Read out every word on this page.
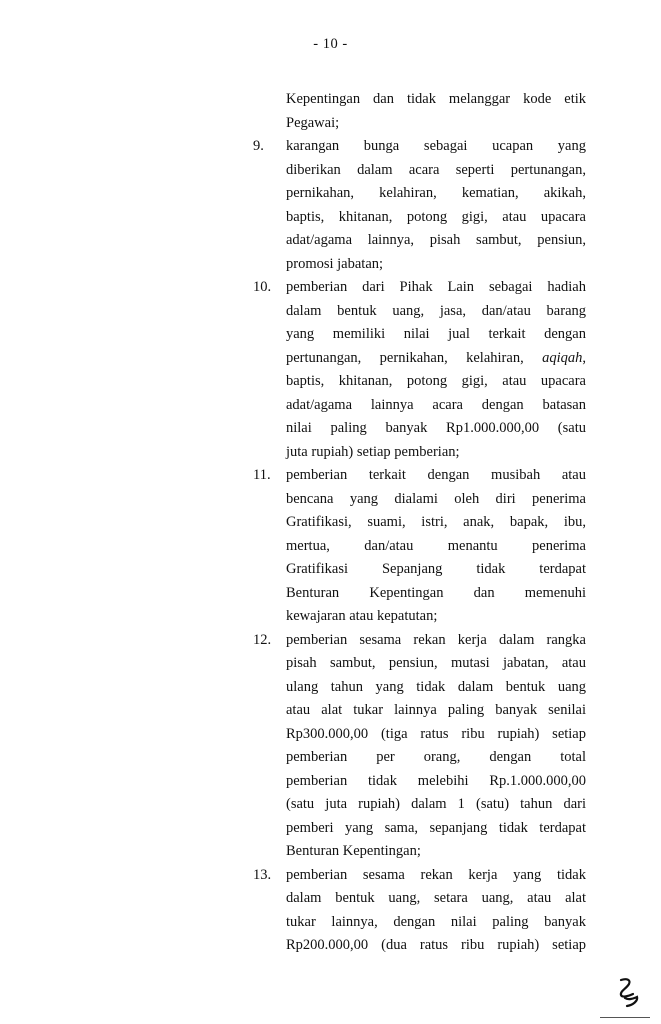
- 10 -
Kepentingan dan tidak melanggar kode etik
Pegawai;
9.	karangan bunga sebagai ucapan yang
diberikan dalam acara seperti pertunangan,
pernikahan, kelahiran, kematian, akikah,
baptis, khitanan, potong gigi, atau upacara
adat/agama lainnya, pisah sambut, pensiun,
promosi jabatan;
10.	pemberian dari Pihak Lain sebagai hadiah
dalam bentuk uang, jasa, dan/atau barang
yang memiliki nilai jual terkait dengan
pertunangan, pernikahan, kelahiran, aqiqah,
baptis, khitanan, potong gigi, atau upacara
adat/agama lainnya acara dengan batasan
nilai paling banyak Rp1.000.000,00 (satu
juta rupiah) setiap pemberian;
11.	pemberian terkait dengan musibah atau
bencana yang dialami oleh diri penerima
Gratifikasi, suami, istri, anak, bapak, ibu,
mertua, dan/atau menantu penerima
Gratifikasi Sepanjang tidak terdapat
Benturan Kepentingan dan memenuhi
kewajaran atau kepatutan;
12.	pemberian sesama rekan kerja dalam rangka
pisah sambut, pensiun, mutasi jabatan, atau
ulang tahun yang tidak dalam bentuk uang
atau alat tukar lainnya paling banyak senilai
Rp300.000,00 (tiga ratus ribu rupiah) setiap
pemberian per orang, dengan total
pemberian tidak melebihi Rp.1.000.000,00
(satu juta rupiah) dalam 1 (satu) tahun dari
pemberi yang sama, sepanjang tidak terdapat
Benturan Kepentingan;
13.	pemberian sesama rekan kerja yang tidak
dalam bentuk uang, setara uang, atau alat
tukar lainnya, dengan nilai paling banyak
Rp200.000,00 (dua ratus ribu rupiah) setiap
